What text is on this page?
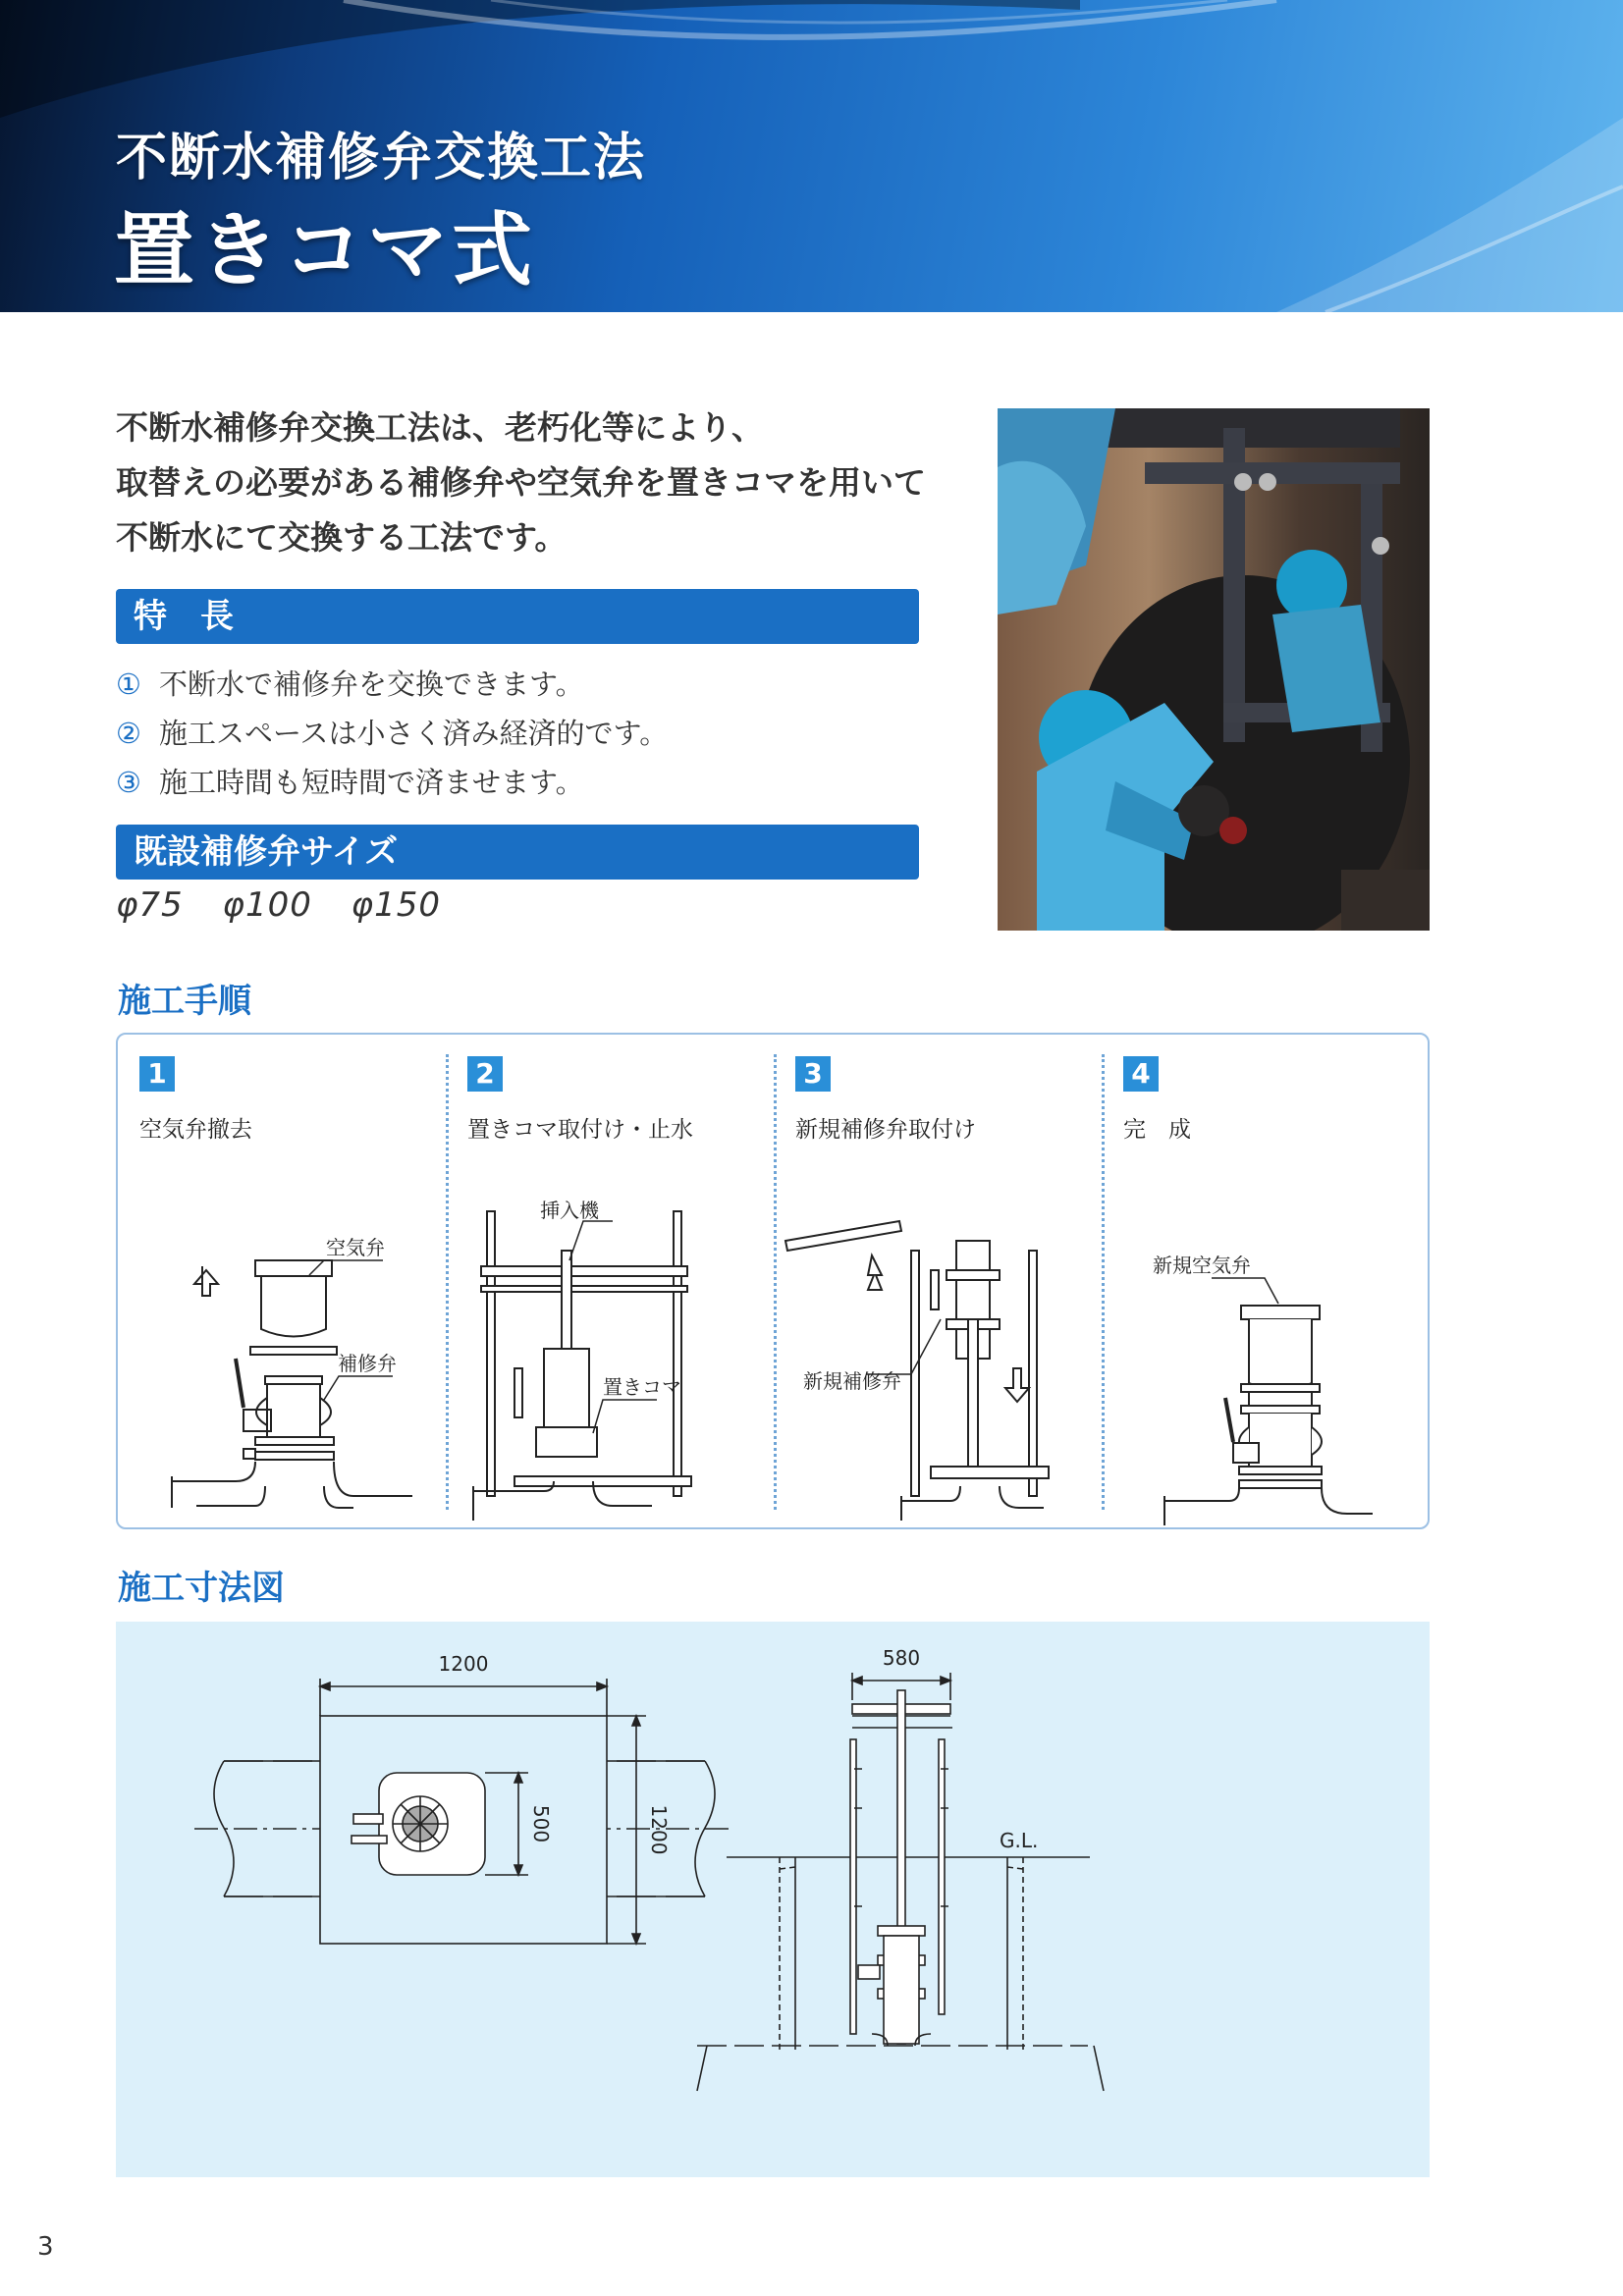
不断水補修弁交換工法
置きコマ式

不断水補修弁交換工法は、老朽化等により、

取替えの必要がある補修弁や空気弁を置きコマを用いて

不断水にて交換する工法です。

特　長
① 不断水で補修弁を交換できます。
② 施工スペースは小さく済み経済的です。
③ 施工時間も短時間で済ませます。
既設補修弁サイズ
φ75 φ100 φ150
施工手順
1
空気弁撤去
空気弁
補修弁
2
置きコマ取付け・止水
挿入機
置きコマ
3
新規補修弁取付け
新規補修弁
4
完　成
新規空気弁
施工寸法図
1200
500	1200
580
G.L.
3
